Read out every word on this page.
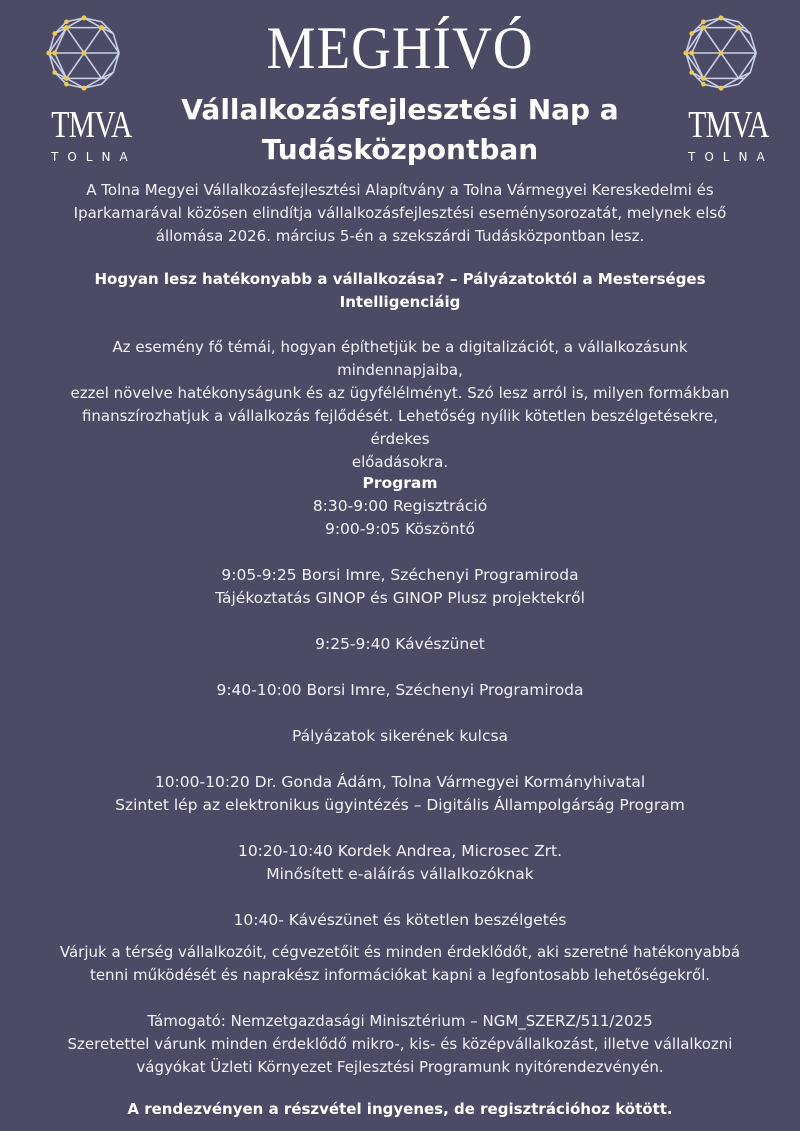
TMVA
TOLNA
TMVA
TOLNA
MEGHÍVÓ
Vállalkozásfejlesztési Nap a
Tudásközpontban

A Tolna Megyei Vállalkozásfejlesztési Alapítvány a Tolna Vármegyei Kereskedelmi és

Iparkamarával közösen elindítja vállalkozásfejlesztési eseménysorozatát, melynek első

állomása 2026. március 5-én a szekszárdi Tudásközpontban lesz.

Hogyan lesz hatékonyabb a vállalkozása? – Pályázatoktól a Mesterséges

Intelligenciáig

Az esemény fő témái, hogyan építhetjük be a digitalizációt, a vállalkozásunk

mindennapjaiba,

ezzel növelve hatékonyságunk és az ügyfélélményt. Szó lesz arról is, milyen formákban

finanszírozhatjuk a vállalkozás fejlődését. Lehetőség nyílik kötetlen beszélgetésekre,

érdekes

előadásokra.

Program

8:30-9:00 Regisztráció

9:00-9:05 Köszöntő

9:05-9:25 Borsi Imre, Széchenyi Programiroda

Tájékoztatás GINOP és GINOP Plusz projektekről

9:25-9:40 Kávészünet

9:40-10:00 Borsi Imre, Széchenyi Programiroda

Pályázatok sikerének kulcsa

10:00-10:20 Dr. Gonda Ádám, Tolna Vármegyei Kormányhivatal

Szintet lép az elektronikus ügyintézés – Digitális Állampolgárság Program

10:20-10:40 Kordek Andrea, Microsec Zrt.

Minősített e-aláírás vállalkozóknak

10:40- Kávészünet és kötetlen beszélgetés

Várjuk a térség vállalkozóit, cégvezetőit és minden érdeklődőt, aki szeretné hatékonyabbá

tenni működését és naprakész információkat kapni a legfontosabb lehetőségekről.

Támogató: Nemzetgazdasági Minisztérium – NGM_SZERZ/511/2025

Szeretettel várunk minden érdeklődő mikro-, kis- és középvállalkozást, illetve vállalkozni

vágyókat Üzleti Környezet Fejlesztési Programunk nyitórendezvényén.

A rendezvényen a részvétel ingyenes, de regisztrációhoz kötött.
